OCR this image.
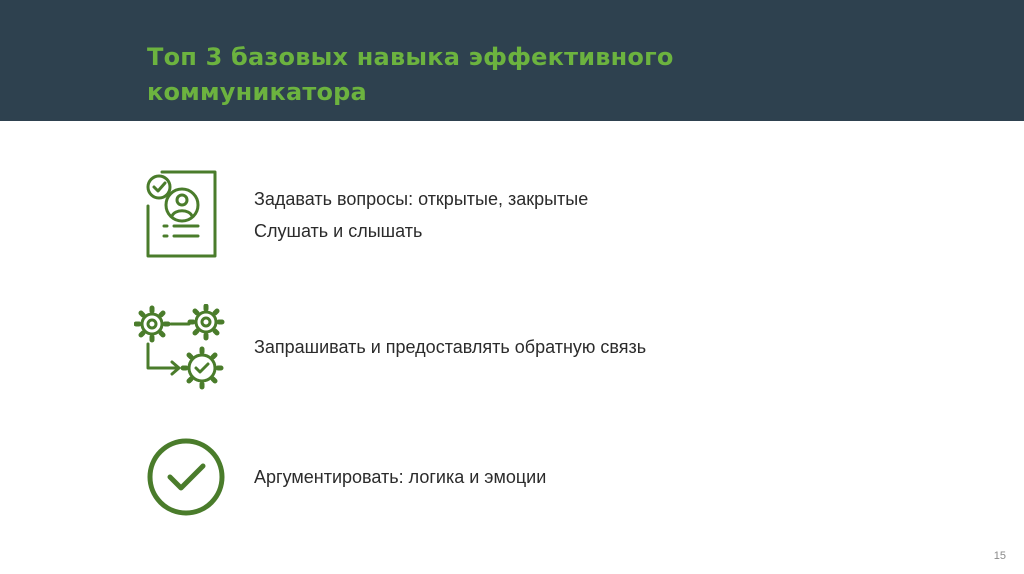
Топ 3 базовых навыка эффективного
коммуникатора
Задавать вопросы: открытые, закрытые
Слушать и слышать
Запрашивать и предоставлять обратную связь
Аргументировать: логика и эмоции
15
